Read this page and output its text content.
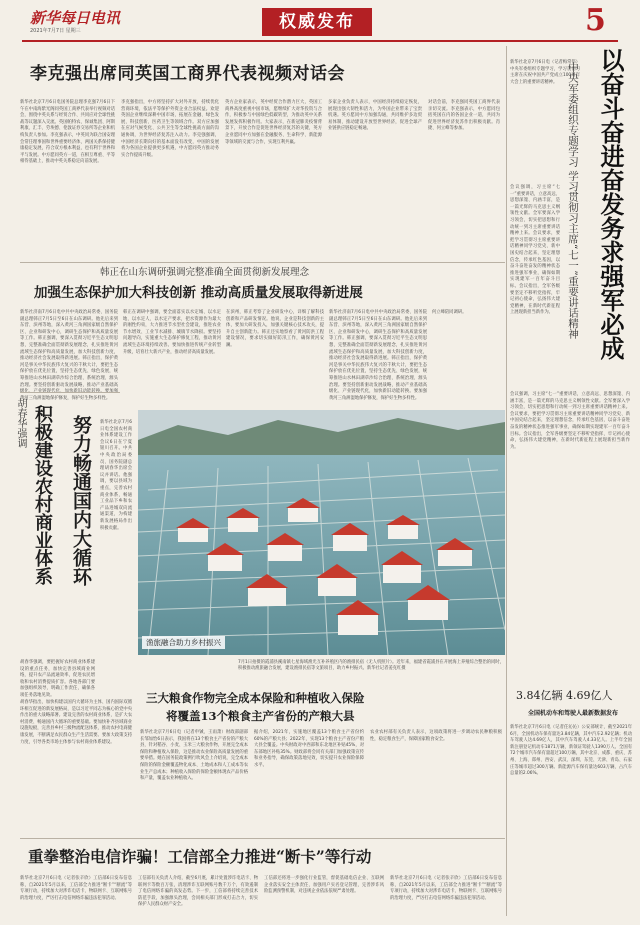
新华每日电讯
2021年7月7日 星期三	权威发布	5
李克强出席同英国工商界代表视频对话会
新华社北京7月6日电国务院总理李克强7月6日下午在中南海紫光阁同英国工商界代表举行视频对话会，围绕中英关系与经贸合作、共同应对全球性挑战等议题深入交流。英国帕特农、保诚集团、阿斯利康、汇丰、劳埃德、伦敦证券交易所等企业和机构负责人参加。李克强表示，中英同为联合国安理会常任理事国和世界重要经济体，两国关系保持健康稳定发展，符合双方根本利益，也有利于世界和平与发展。中方愿同英方一道，在相互尊重、平等相待基础上，推动中英关系稳定向前发展。
李克强指出，中方将坚持扩大对外开放，持续优化营商环境，依法平等保护外资企业合法权益。欢迎英国企业继续深耕中国市场，拓展在金融、绿色发展、科技创新、医药卫生等领域合作。双方应加强在应对气候变化、公共卫生等全球性挑战方面的沟通协调，为世界经济复苏注入动力。李克强强调，中国经济长期向好的基本面没有改变，中国的发展将为各国企业提供更多机遇，中方愿同英方推动务实合作提质升级。
英方企业家表示，英中经贸合作潜力巨大，英国工商界高度重视中国市场，愿继续扩大对华投资与合作，积极参与中国绿色低碳转型，为推动英中关系发展发挥积极作用。大家表示，在新冠肺炎疫情背景下，开放合作是促进世界经济复苏的关键，英方企业愿同中方加强在金融服务、生命科学、新能源等领域的交流与合作，实现互利共赢。
多家企业负责人表示，中国经济持续稳定恢复，展现出强大韧性和活力，为外国企业带来了宝贵机遇。英方愿同中方加强沟通，共同维护多边贸易体制，推动建设开放型世界经济，促进全球产业链供应链稳定畅通。
对话会前，李克强同英国工商界代表亲切交流。李克强表示，中方愿同包括英国在内的各国企业一道，共同为促进世界经济复苏作出积极贡献。肖捷、何立峰等参加。
新华社北京7月6日电（记者梅常伟）中央军委组织专题学习，学习贯彻习主席在庆祝中国共产党成立100周年大会上的重要讲话精神。	以奋斗奋进奋发务求强军必成
中央军委组织专题学习 学习贯彻习主席“七一”重要讲话精神
会议强调，习主席“七一”重要讲话，立意高远、思想深邃、内涵丰富，是一篇光辉的马克思主义纲领性文献。全军要深入学习领会，切实把思想和行动统一到习主席重要讲话精神上来。会议要求，要把学习贯彻习主席重要讲话精神同学习党史、新中国史结合起来，坚定理想信念，传承红色基因，以奋斗奋进奋发的精神状态推进强军事业，确保如期实现建军一百年奋斗目标。会议指出，全军各级要坚定不移听党指挥，牢记初心使命，弘扬伟大建党精神，在新时代新征程上展现新担当新作为。
会议强调，习主席“七一”重要讲话，立意高远、思想深邃、内涵丰富，是一篇光辉的马克思主义纲领性文献。全军要深入学习领会，切实把思想和行动统一到习主席重要讲话精神上来。会议要求，要把学习贯彻习主席重要讲话精神同学习党史、新中国史结合起来，坚定理想信念，传承红色基因，以奋斗奋进奋发的精神状态推进强军事业，确保如期实现建军一百年奋斗目标。会议指出，全军各级要坚定不移听党指挥，牢记初心使命，弘扬伟大建党精神，在新时代新征程上展现新担当新作为。
3.84亿辆 4.69亿人
全国机动车和驾驶人最新数据发布
新华社北京7月6日电（记者任沁沁）公安部统计，截至2021年6月，全国机动车保有量达3.84亿辆，其中汽车2.92亿辆；机动车驾驶人达4.69亿人，其中汽车驾驶人4.33亿人。上半年全国新注册登记机动车1871万辆，新领证驾驶人1390万人。全国有72个城市汽车保有量超过100万辆，其中北京、成都、重庆、苏州、上海、郑州、西安、武汉、深圳、东莞、天津、青岛、石家庄等城市超过300万辆。新能源汽车保有量达603万辆，占汽车总量的2.06%。
韩正在山东调研强调完整准确全面贯彻新发展理念
加强生态保护加大科技创新 推动高质量发展取得新进展
新华社济南7月6日电中共中央政治局常委、国务院副总理韩正7月5日至6日在山东调研。他先后来到东营、滨州等地，深入黄河三角洲国家级自然保护区、企业和研发中心，调研生态保护和高质量发展等工作。韩正强调，要深入贯彻习近平生态文明思想，完整准确全面贯彻新发展理念，扎实推进黄河流域生态保护和高质量发展，加大科技创新力度，推动经济社会发展取得新进展。韩正指出，保护黄河是事关中华民族伟大复兴的千秋大计，要把生态保护放在优先位置，坚持生态优先、绿色发展，统筹推进山水林田湖草沙综合治理、系统治理、源头治理。要坚持创新驱动发展战略，推动产业基础高 黄河三角洲湿地保护修复，保护好生物多样性。
韩正在调研中强调，要全面落实以水定城、以水定地、以水定人、以水定产要求，把水资源作为最大的刚性约束，大力推进节水型社会建设，推进农业节水增效、工业节水减排、城镇节水降损。要坚持问题导向，实施重大生态保护修复工程，推动黄河流域生态环境持续改善。要加快推进传统产业转型升级，培育壮大新兴产业，推动经济高质量发展。
在滨州，韩正考察了企业研发中心，详细了解科技创新和产品研发情况。他说，企业是科技创新的主体，要加大研发投入，加强关键核心技术攻关，提升自主创新能力。韩正还实地察看了黄河防洪工程建设情况，要求切实做好防汛工作，确保黄河安澜。
新华社济南7月6日电中共中央政治局常委、国务院副总理韩正7月5日至6日在山东调研。他先后来到东营、滨州等地，深入黄河三角洲国家级自然保护区、企业和研发中心，调研生态保护和高质量发展等工作。韩正强调，要深入贯彻习近平生态文明思想，完整准确全面贯彻新发展理念，扎实推进黄河流域生态保护和高质量发展，加大科技创新力度，推动经济社会发展取得新进展。韩正指出，保护黄河是事关中华民族伟大复兴的千秋大计，要把生态保护放在优先位置，坚持生态优先、绿色发展，统筹推进山水林田湖草沙综合治理、系统治理、源头治理。要坚持创新驱动发展战略，推动产业基础高级化、产业链现代化，加快新旧动能转换。要加强黄河三角洲湿地保护修复，保护好生物多样性。
何立峰陪同调研。
胡春华强调 积极建设农村商业体系 努力畅通国内大循环	新华社北京7月6日电全国农村商业体系建设工作会议6日在宁夏银川召开。中共中央政治局委员、国务院副总理胡春华出席会议并讲话。他强调，要以县域为重点，完善农村商业体系，畅通工业品下乡和农产品进城双向流通渠道，为构建新发展格局作出积极贡献。
胡春华指出，加快构建以国内大循环为主体、国内国际双循环相互促进的新发展格局，是以习近平同志为核心的党中央作出的重大战略部署。建设完善的农村商业体系，是扩大农村消费、畅通国内大循环的重要基础。要加快补齐县域商业设施短板，完善县乡村三级物流配送体系，推动农村电商健康发展，不断满足农民群众生产生活需要。要加大政策支持力度，引导各类市场主体参与农村商业体系建设。
胡春华强调，要把握好农村商业体系建设的重点任务，加快完善县域商业网络，提升农产品流通效率，促进农民增收和农村消费提质扩容。各地各部门要加强组织领导，明确工作责任，确保各项任务落地见效。
渔旅融合助力乡村振兴
7月1日拍摄的霞浦县溪南镇七星海域渔光互补养殖区内的渔排民宿（无人机照片）。近年来，福建省霞浦县在开展海上养殖综合整治的同时，积极推动渔旅融合发展，建设渔排民宿等文旅项目，助力乡村振兴。新华社记者姜克红摄
三大粮食作物完全成本保险和种植收入保险
将覆盖13个粮食主产省份的产粮大县
新华社北京7月6日电（记者申铖、王雨萧）财政部副部长邹加怡6日表示，我国将在13个粮食主产省份的产粮大县，针对稻谷、小麦、玉米三大粮食作物，开展完全成本保险和种植收入保险，这是推动农业保险高质量发展的重要举措。她在国务院政策例行吹风会上介绍说，完全成本保险的保险金额覆盖物化成本、土地成本和人工成本等农业生产总成本；种植收入保险的保险金额体现农产品价格和产量，覆盖农业种植收入。
据介绍，2021年，实施地区覆盖13个粮食主产省份约60%的产粮大县；2022年，实现13个粮食主产省份产粮大县全覆盖。中央财政对中西部和东北地区补贴45%，对东部地区补贴35%。财政部将会同有关部门加强政策宣传和业务指导，确保政策落地见效，切实提升农业保险保障水平。
农业农村部有关负责人表示，这项政策将进一步调动农民种粮积极性，稳定粮食生产，保障国家粮食安全。
重拳整治电信诈骗！工信部全力推进“断卡”等行动
新华社北京7月6日电（记者张辛欣）工信部6日发布信息称，自2021年5月以来，工信部全力推进“断卡”“断流”等专项行动，持续加大对涉诈电话卡、物联网卡、互联网账号的治理力度，严厉打击电信网络诈骗违法犯罪活动。
工信部有关负责人介绍，截至6月底，累计处置涉诈电话卡、物联网卡等数百万张，清理涉诈互联网账号数千万个，有效遏制了电信网络诈骗的高发态势。下一步，工信部将持续完善技术防范手段，加强源头治理，会同相关部门形成打击合力，切实保护人民群众财产安全。
工信部还将进一步强化行业监管，督促基础电信企业、互联网企业落实安全主体责任，加强用户实名登记管理，完善涉诈风险监测预警机制，对违规企业依法依规严肃处理。
新华社北京7月6日电（记者张辛欣）工信部6日发布信息称，自2021年5月以来，工信部全力推进“断卡”“断流”等专项行动，持续加大对涉诈电话卡、物联网卡、互联网账号的治理力度，严厉打击电信网络诈骗违法犯罪活动。
